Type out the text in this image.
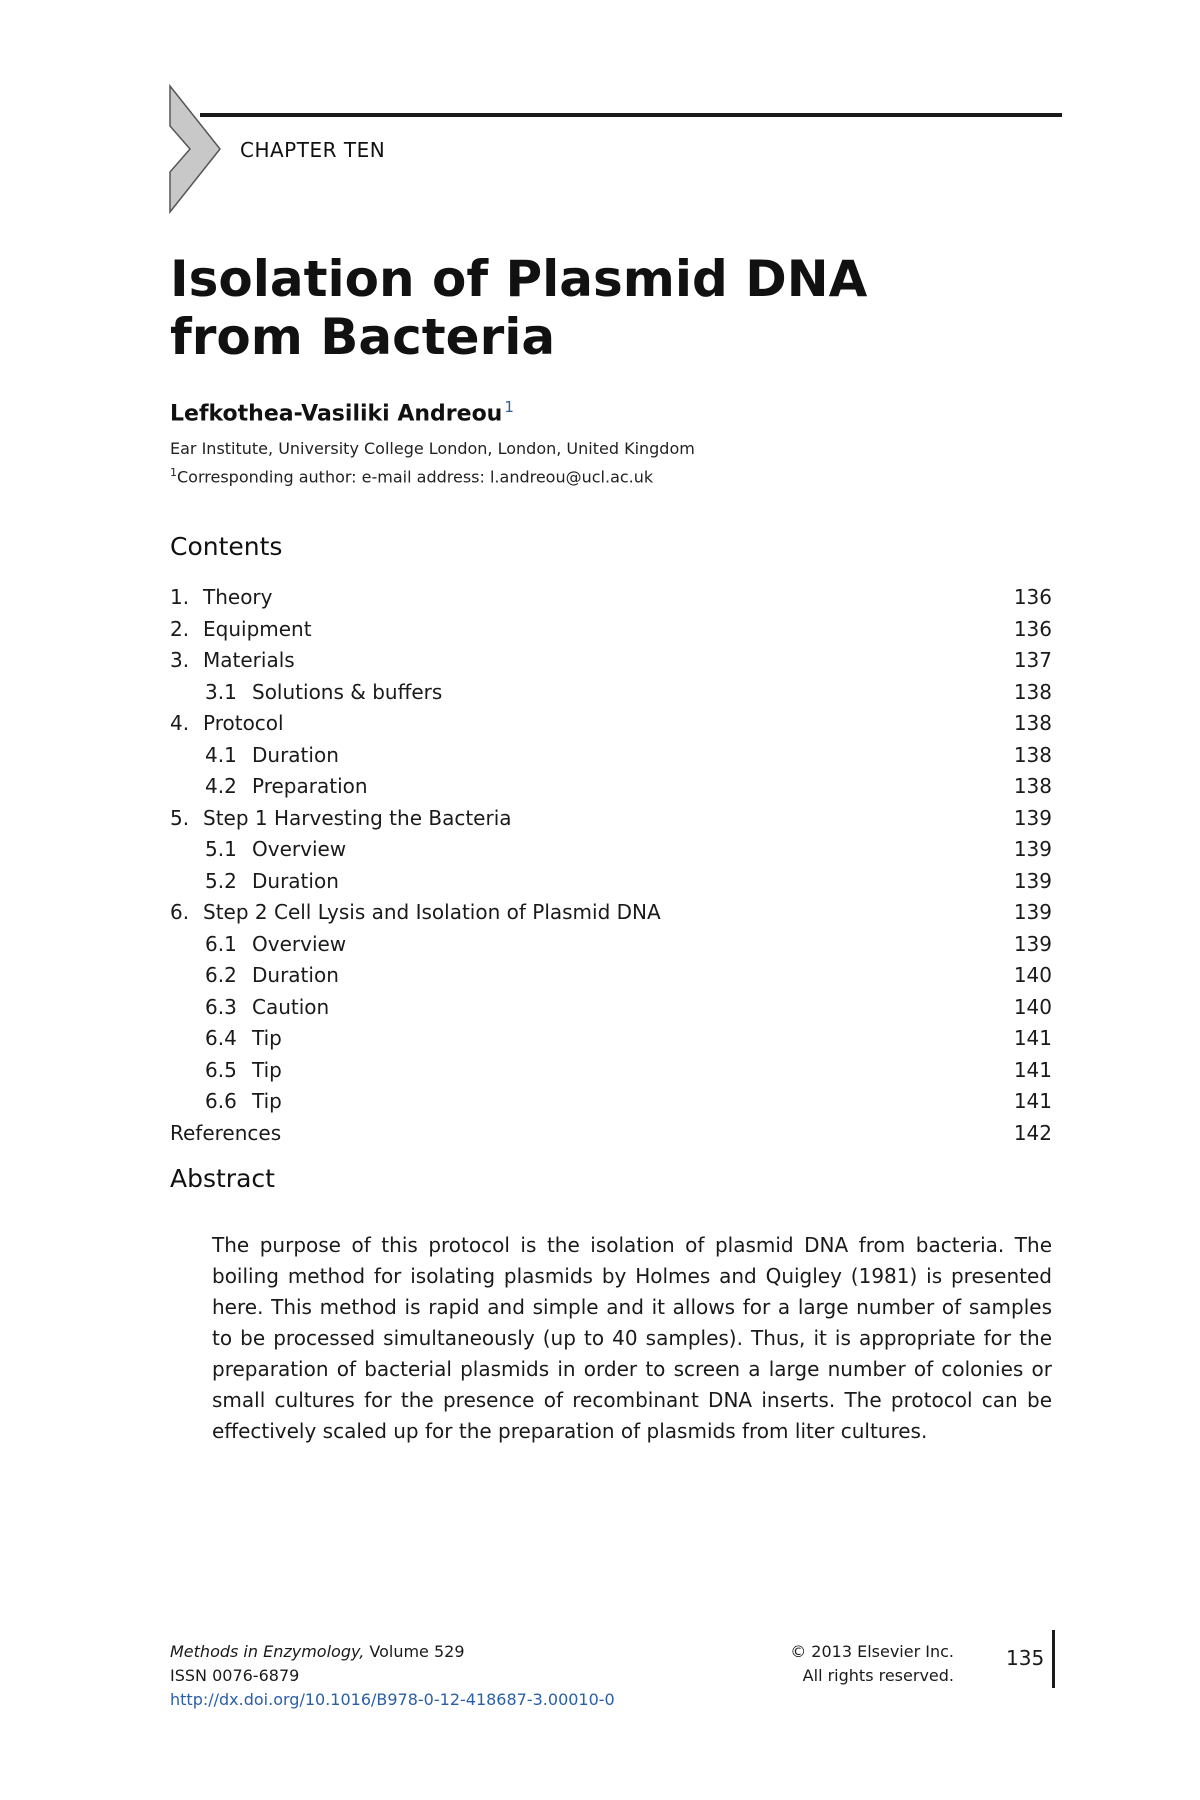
CHAPTER TEN
Isolation of Plasmid DNA
from Bacteria
Lefkothea-Vasiliki Andreou $^1$
Ear Institute, University College London, London, United Kingdom
$^1$Corresponding author: e-mail address: l.andreou@ucl.ac.uk
Contents
1. Theory	136
2. Equipment	136
3. Materials	137
3.1 Solutions & buffers	138
4. Protocol	138
4.1 Duration	138
4.2 Preparation	138
5. Step 1 Harvesting the Bacteria	139
5.1 Overview	139
5.2 Duration	139
6. Step 2 Cell Lysis and Isolation of Plasmid DNA	139
6.1 Overview	139
6.2 Duration	140
6.3 Caution	140
6.4 Tip	141
6.5 Tip	141
6.6 Tip	141
References	142
Abstract
The purpose of this protocol is the isolation of plasmid DNA from bacteria. The boiling method for isolating plasmids by Holmes and Quigley (1981) is presented here. This method is rapid and simple and it allows for a large number of samples to be processed simultaneously (up to 40 samples). Thus, it is appropriate for the preparation of bacterial plasmids in order to screen a large number of colonies or small cultures for the presence of recombinant DNA inserts. The protocol can be effectively scaled up for the preparation of plasmids from liter cultures.
Methods in Enzymology, Volume 529
ISSN 0076-6879
http://dx.doi.org/10.1016/B978-0-12-418687-3.00010-0
© 2013 Elsevier Inc.
All rights reserved.
135
